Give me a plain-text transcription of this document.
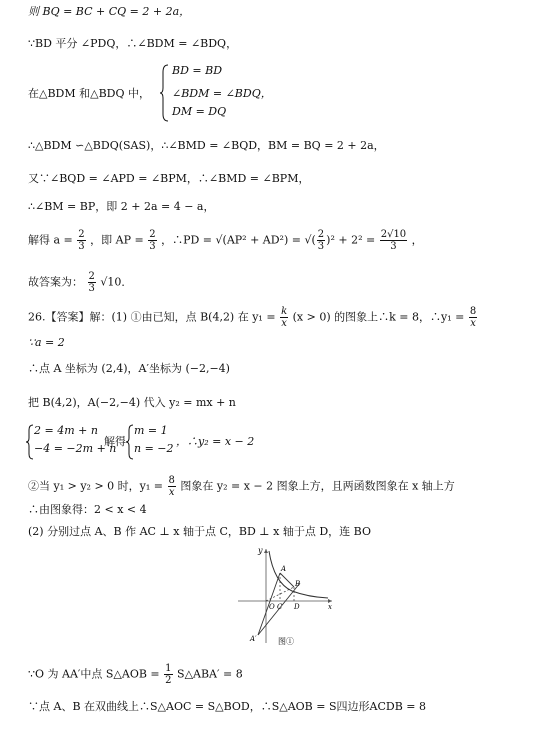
则 BQ = BC + CQ = 2 + 2a，
∵BD 平分 ∠PDQ，∴∠BDM = ∠BDQ，
在△BDM 和△BDQ 中，
BD = BD
∠BDM = ∠BDQ，
DM = DQ
∴△BDM ∽△BDQ(SAS)，∴∠BMD = ∠BQD，BM = BQ = 2 + 2a，
又∵∠BQD = ∠APD = ∠BPM，∴∠BMD = ∠BPM，
∴∠BM = BP，即 2 + 2a = 4 − a，
解得 $a = \frac{2}{3}$ ，即 AP = $\frac{2}{3}$ ，∴PD = √(AP² + AD²) = √( $\frac{2}{3} )^2 + 2^2 = \frac{2√10}{3}$ ，
故答案为： $\frac{2}{3} √10$．
26.【答案】解：(1) ①由已知，点 B(4,2) 在 $y_1 = \frac{k}{x} (x > 0)$ 的图象上∴k = 8，∴y₁ = $\frac{8}{x}$
∵a = 2
∴点 A 坐标为 (2,4)，A′坐标为 (−2,−4)
把 B(4,2)，A(−2,−4) 代入 y₂ = mx + n
2 = 4m + n
−4 = −2m + n
解得
m = 1
n = −2
，∴y₂ = x − 2
②当 y₁ > y₂ > 0 时，$y_1 = \frac{8}{x}$ 图象在 y₂ = x − 2 图象上方，且两函数图象在 x 轴上方
∴由图象得：2 < x < 4
(2) 分别过点 A、B 作 AC ⊥ x 轴于点 C，BD ⊥ x 轴于点 D，连 BO
y
A
B
O C D	x
A′	图①
∵O 为 AA′中点 S△AOB = $\frac{1}{2}$ S△ABA′ = 8
∵点 A、B 在双曲线上∴S△AOC = S△BOD，∴S△AOB = S四边形ACDB = 8
